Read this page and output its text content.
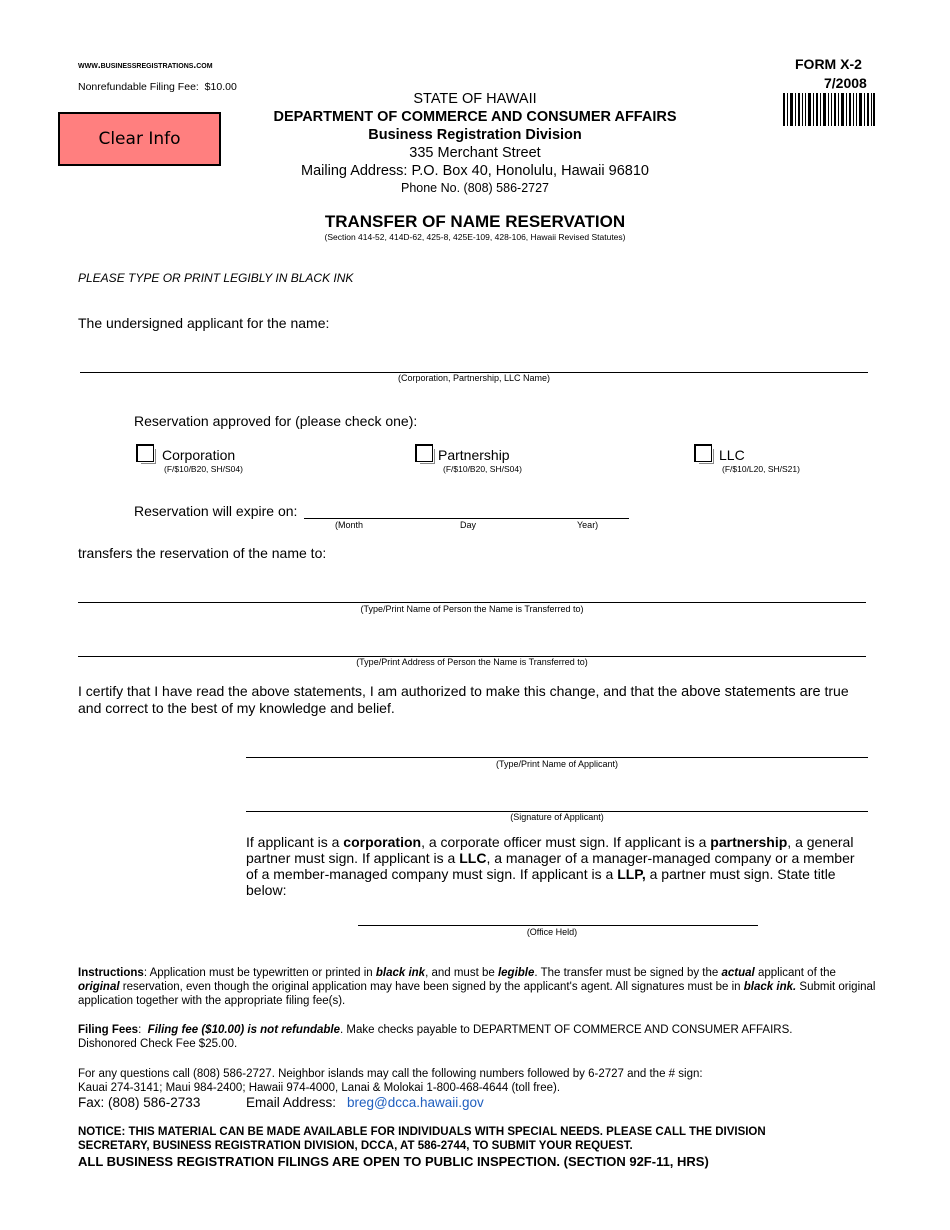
www.businessregistrations.com
Nonrefundable Filing Fee: $10.00
FORM X-2
7/2008
Clear Info
STATE OF HAWAII
DEPARTMENT OF COMMERCE AND CONSUMER AFFAIRS
Business Registration Division
335 Merchant Street
Mailing Address: P.O. Box 40, Honolulu, Hawaii 96810
Phone No. (808) 586-2727
TRANSFER OF NAME RESERVATION
(Section 414-52, 414D-62, 425-8, 425E-109, 428-106, Hawaii Revised Statutes)
PLEASE TYPE OR PRINT LEGIBLY IN BLACK INK
The undersigned applicant for the name:
(Corporation, Partnership, LLC Name)
Reservation approved for (please check one):
Corporation
(F/$10/B20, SH/S04)
Partnership
(F/$10/B20, SH/S04)
LLC
(F/$10/L20, SH/S21)
Reservation will expire on:
(Month	Day	Year)
transfers the reservation of the name to:
(Type/Print Name of Person the Name is Transferred to)
(Type/Print Address of Person the Name is Transferred to)
I certify that I have read the above statements, I am authorized to make this change, and that the above statements are true
and correct to the best of my knowledge and belief.
(Type/Print Name of Applicant)
(Signature of Applicant)
If applicant is a corporation, a corporate officer must sign. If applicant is a partnership, a general partner must sign. If applicant is a LLC, a manager of a manager-managed company or a member of a member-managed company must sign. If applicant is a LLP, a partner must sign. State title below:
(Office Held)
Instructions: Application must be typewritten or printed in black ink, and must be legible. The transfer must be signed by the actual applicant of the original reservation, even though the original application may have been signed by the applicant's agent. All signatures must be in black ink. Submit original application together with the appropriate filing fee(s).
Filing Fees:  Filing fee ($10.00) is not refundable. Make checks payable to DEPARTMENT OF COMMERCE AND CONSUMER AFFAIRS.
Dishonored Check Fee $25.00.
For any questions call (808) 586-2727. Neighbor islands may call the following numbers followed by 6-2727 and the # sign:
Kauai 274-3141; Maui 984-2400; Hawaii 974-4000, Lanai & Molokai 1-800-468-4644 (toll free).
Fax: (808) 586-2733	Email Address: breg@dcca.hawaii.gov
NOTICE: THIS MATERIAL CAN BE MADE AVAILABLE FOR INDIVIDUALS WITH SPECIAL NEEDS. PLEASE CALL THE DIVISION
SECRETARY, BUSINESS REGISTRATION DIVISION, DCCA, AT 586-2744, TO SUBMIT YOUR REQUEST.
ALL BUSINESS REGISTRATION FILINGS ARE OPEN TO PUBLIC INSPECTION. (SECTION 92F-11, HRS)
